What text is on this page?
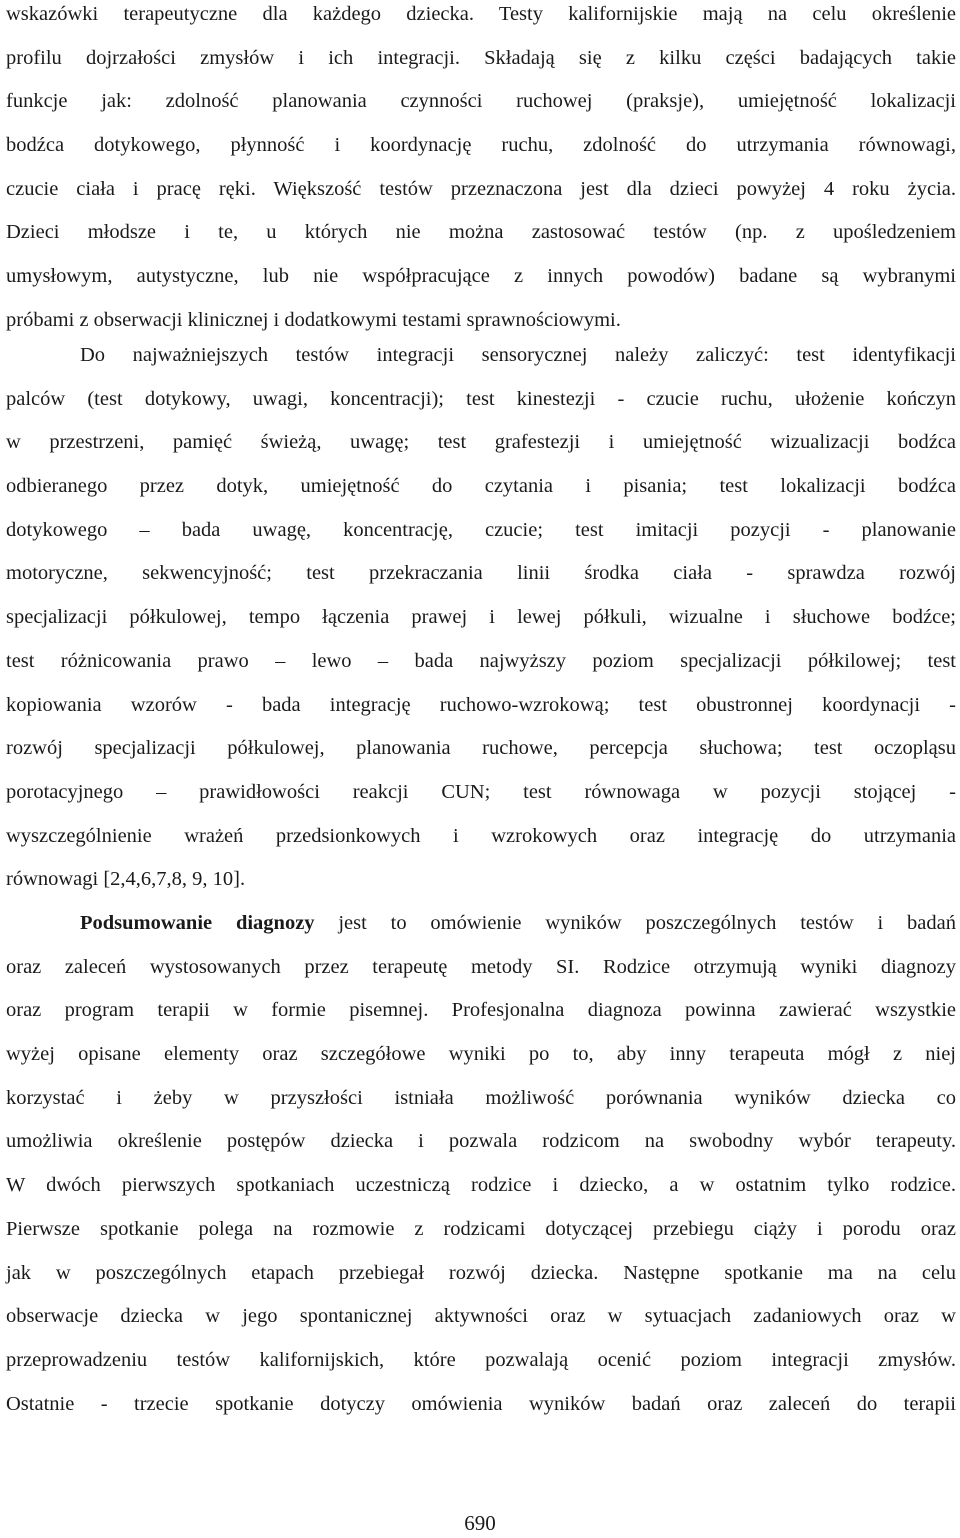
wskazówki terapeutyczne dla każdego dziecka. Testy kalifornijskie mają na celu określenie
profilu dojrzałości zmysłów i ich integracji. Składają się z kilku części badających takie
funkcje jak: zdolność planowania czynności ruchowej (praksje), umiejętność lokalizacji
bodźca dotykowego, płynność i koordynację ruchu, zdolność do utrzymania równowagi,
czucie ciała i pracę ręki. Większość testów przeznaczona jest dla dzieci powyżej 4 roku życia.
Dzieci młodsze i te, u których nie można zastosować testów (np. z upośledzeniem
umysłowym, autystyczne, lub nie współpracujące z innych powodów) badane są wybranymi
próbami z obserwacji klinicznej i dodatkowymi testami sprawnościowymi.
Do najważniejszych testów integracji sensorycznej należy zaliczyć: test identyfikacji
palców (test dotykowy, uwagi, koncentracji); test kinestezji - czucie ruchu, ułożenie kończyn
w przestrzeni, pamięć świeżą, uwagę; test grafestezji i umiejętność wizualizacji bodźca
odbieranego przez dotyk, umiejętność do czytania i pisania; test lokalizacji bodźca
dotykowego – bada uwagę, koncentrację, czucie; test imitacji pozycji - planowanie
motoryczne, sekwencyjność; test przekraczania linii środka ciała - sprawdza rozwój
specjalizacji półkulowej, tempo łączenia prawej i lewej półkuli, wizualne i słuchowe bodźce;
test różnicowania prawo – lewo – bada najwyższy poziom specjalizacji półkilowej; test
kopiowania wzorów - bada integrację ruchowo-wzrokową; test obustronnej koordynacji -
rozwój specjalizacji półkulowej, planowania ruchowe, percepcja słuchowa; test oczopląsu
porotacyjnego – prawidłowości reakcji CUN; test równowaga w pozycji stojącej -
wyszczególnienie wrażeń przedsionkowych i wzrokowych oraz integrację do utrzymania
równowagi [2,4,6,7,8, 9, 10].
Podsumowanie diagnozy jest to omówienie wyników poszczególnych testów i badań
oraz zaleceń wystosowanych przez terapeutę metody SI. Rodzice otrzymują wyniki diagnozy
oraz program terapii w formie pisemnej. Profesjonalna diagnoza powinna zawierać wszystkie
wyżej opisane elementy oraz szczegółowe wyniki po to, aby inny terapeuta mógł z niej
korzystać i żeby w przyszłości istniała możliwość porównania wyników dziecka co
umożliwia określenie postępów dziecka i pozwala rodzicom na swobodny wybór terapeuty.
W dwóch pierwszych spotkaniach uczestniczą rodzice i dziecko, a w ostatnim tylko rodzice.
Pierwsze spotkanie polega na rozmowie z rodzicami dotyczącej przebiegu ciąży i porodu oraz
jak w poszczególnych etapach przebiegał rozwój dziecka. Następne spotkanie ma na celu
obserwacje dziecka w jego spontanicznej aktywności oraz w sytuacjach zadaniowych oraz w
przeprowadzeniu testów kalifornijskich, które pozwalają ocenić poziom integracji zmysłów.
Ostatnie - trzecie spotkanie dotyczy omówienia wyników badań oraz zaleceń do terapii
690
